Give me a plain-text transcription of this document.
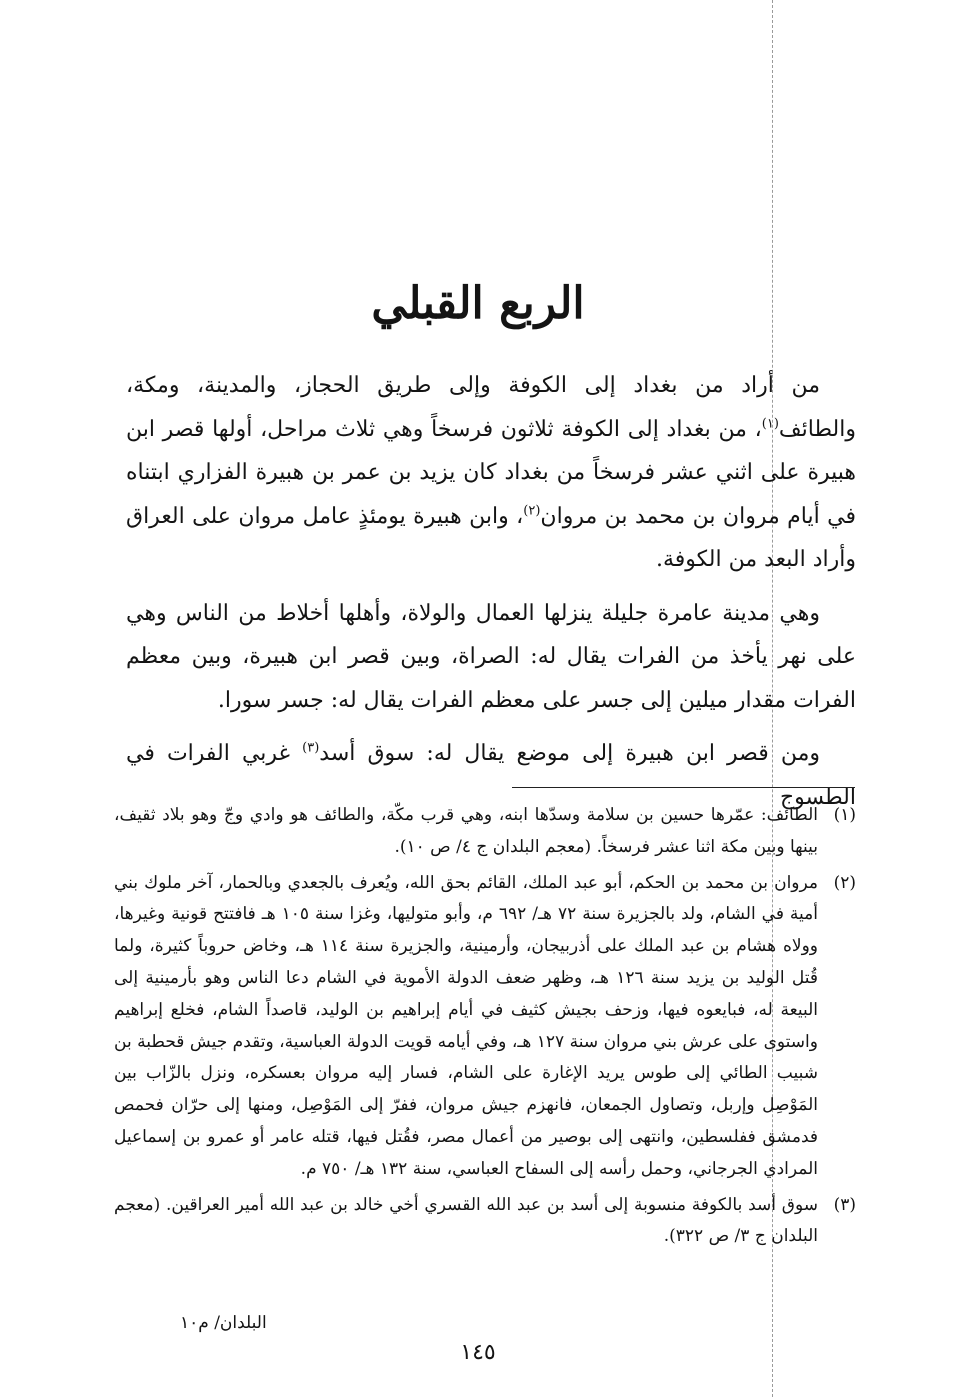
الربع القبلي

من أراد من بغداد إلى الكوفة وإلى طريق الحجاز، والمدينة، ومكة، والطائف$^{(١)}$، من بغداد إلى الكوفة ثلاثون فرسخاً وهي ثلاث مراحل، أولها قصر ابن هبيرة على اثني عشر فرسخاً من بغداد كان يزيد بن عمر بن هبيرة الفزاري ابتناه في أيام مروان بن محمد بن مروان$^{(٢)}$، وابن هبيرة يومئذٍ عامل مروان على العراق وأراد البعد من الكوفة.

وهي مدينة عامرة جليلة ينزلها العمال والولاة، وأهلها أخلاط من الناس وهي على نهر يأخذ من الفرات يقال له: الصراة، وبين قصر ابن هبيرة، وبين معظم الفرات مقدار ميلين إلى جسر على معظم الفرات يقال له: جسر سورا.

ومن قصر ابن هبيرة إلى موضع يقال له: سوق أسد$^{(٣)}$ غربي الفرات في الطسوج

(١)
الطائف: عمّرها حسين بن سلامة وسدّها ابنه، وهي قرب مكّة، والطائف هو وادي وجّ وهو بلاد ثقيف، بينها وبين مكة اثنا عشر فرسخاً. (معجم البلدان ج ٤/ ص ١٠).
(٢)
مروان بن محمد بن الحكم، أبو عبد الملك، القائم بحق الله، ويُعرف بالجعدي وبالحمار، آخر ملوك بني أمية في الشام، ولد بالجزيرة سنة ٧٢ هـ/ ٦٩٢ م، وأبو متوليها، وغزا سنة ١٠٥ هـ فافتتح قونية وغيرها، وولاه هشام بن عبد الملك على أذربيجان، وأرمينية، والجزيرة سنة ١١٤ هـ، وخاض حروباً كثيرة، ولما قُتل الوليد بن يزيد سنة ١٢٦ هـ، وظهر ضعف الدولة الأموية في الشام دعا الناس وهو بأرمينية إلى البيعة له، فبايعوه فيها، وزحف بجيش كثيف في أيام إبراهيم بن الوليد، قاصداً الشام، فخلع إبراهيم واستوى على عرش بني مروان سنة ١٢٧ هـ، وفي أيامه قويت الدولة العباسية، وتقدم جيش قحطبة بن شبيب الطائي إلى طوس يريد الإغارة على الشام، فسار إليه مروان بعسكره، ونزل بالزّاب بين المَوْصِل وإربل، وتصاول الجمعان، فانهزم جيش مروان، ففرّ إلى المَوْصِل، ومنها إلى حرّان فحمص فدمشق ففلسطين، وانتهى إلى بوصير من أعمال مصر، فقُتل فيها، قتله عامر أو عمرو بن إسماعيل المرادي الجرجاني، وحمل رأسه إلى السفاح العباسي، سنة ١٣٢ هـ/ ٧٥٠ م.
(٣)
سوق أسد بالكوفة منسوبة إلى أسد بن عبد الله القسري أخي خالد بن عبد الله أمير العراقين. (معجم البلدان ج ٣/ ص ٣٢٢).
البلدان/ م١٠
١٤٥
